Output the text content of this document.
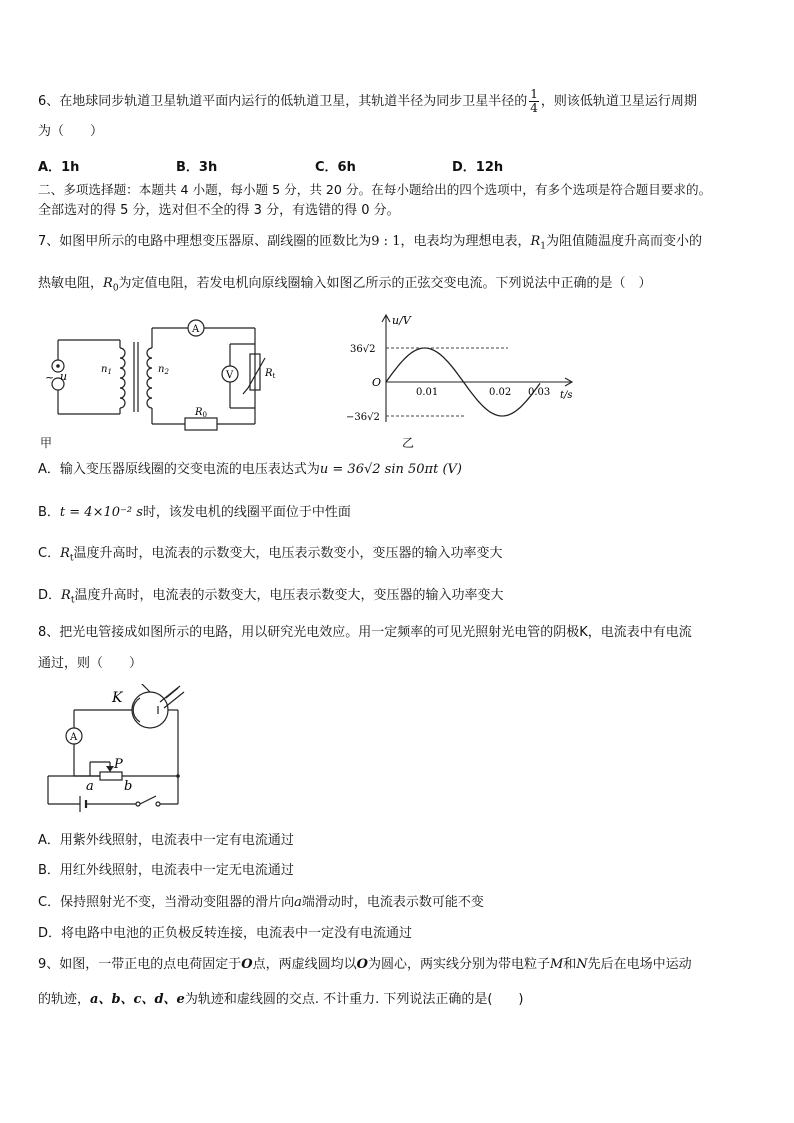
6、在地球同步轨道卫星轨道平面内运行的低轨道卫星，其轨道半径为同步卫星半径的 $\frac{1}{4}$ ，则该低轨道卫星运行周期
为（　　）
A．1h	B．3h	C．6h	D．12h
二、多项选择题：本题共 4 小题，每小题 5 分，共 20 分。在每小题给出的四个选项中，有多个选项是符合题目要求的。
全部选对的得 5 分，选对但不全的得 3 分，有选错的得 0 分。
7、如图甲所示的电路中理想变压器原、副线圈的匝数比为9 : 1，电表均为理想电表，$R_1$为阻值随温度升高而变小的
热敏电阻，$R_0$为定值电阻，若发电机向原线圈输入如图乙所示的正弦交变电流。下列说法中正确的是（　）
u
~
$n_1$	$n_2$
A
V	$R_t$
$R_0$
甲
u/V
t/s
O
36√2
−36√2
0.01	0.02 0.03
乙
A．输入变压器原线圈的交变电流的电压表达式为u = 36√2 sin 50πt (V)
B．t = 4×10⁻² s时，该发电机的线圈平面位于中性面
C．$R_t$温度升高时，电流表的示数变大，电压表示数变小，变压器的输入功率变大
D．$R_t$温度升高时，电流表的示数变大，电压表示数变大，变压器的输入功率变大
8、把光电管接成如图所示的电路，用以研究光电效应。用一定频率的可见光照射光电管的阴极K，电流表中有电流
通过，则（　　）
K
A
P
a b
A．用紫外线照射，电流表中一定有电流通过
B．用红外线照射，电流表中一定无电流通过
C．保持照射光不变，当滑动变阻器的滑片向a端滑动时，电流表示数可能不变
D．将电路中电池的正负极反转连接，电流表中一定没有电流通过
9、如图，一带正电的点电荷固定于O点，两虚线圆均以O为圆心，两实线分别为带电粒子M和N先后在电场中运动
的轨迹，a、b、c、d、e为轨迹和虚线圆的交点. 不计重力. 下列说法正确的是(　　)
